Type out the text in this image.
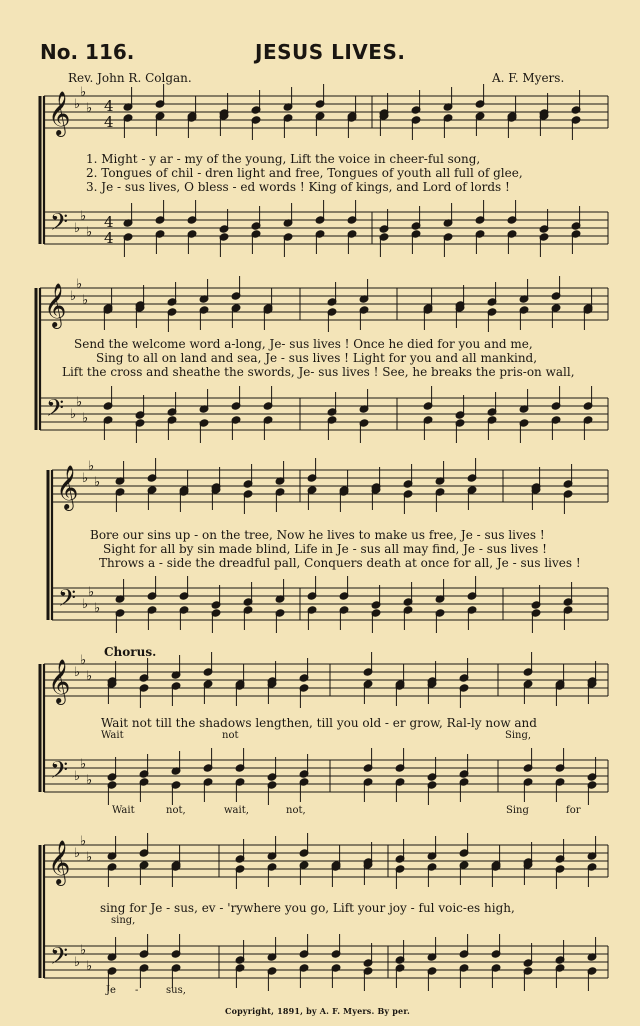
No. 116.	JESUS LIVES.
Rev. John R. Colgan.	A. F. Myers.
𝄞
𝄢
♭
♭
♭
♭
♭
♭
4
4
4
4
𝄞
𝄢
♭
♭
♭
♭
♭
♭
𝄞
𝄢
♭
♭
♭
♭
♭
♭
𝄞
𝄢
♭
♭
♭
♭
♭
♭
𝄞
𝄢
♭
♭
♭
♭
♭
♭
1. Might - y ar - my of the young, Lift the voice in cheer-ful song,
2. Tongues of chil - dren light and free, Tongues of youth all full of glee,
3. Je - sus lives, O bless - ed words ! King of kings, and Lord of lords !
Send the welcome word a-long, Je- sus lives ! Once he died for you and me,
Sing to all on land and sea, Je - sus lives ! Light for you and all mankind,
Lift the cross and sheathe the swords, Je- sus lives ! See, he breaks the pris-on wall,
Bore our sins up - on the tree, Now he lives to make us free, Je - sus lives !
Sight for all by sin made blind, Life in Je - sus all may find, Je - sus lives !
Throws a - side the dreadful pall, Conquers death at once for all, Je - sus lives !
Chorus.
Wait not till the shadows lengthen, till you old - er grow, Ral-ly now and
Wait	not	Sing,
Wait	not,	wait,	not,	Sing	for
sing for Je - sus, ev - 'rywhere you go, Lift your joy - ful voic-es high,
sing,
Je -	sus,
Copyright, 1891, by A. F. Myers. By per.
